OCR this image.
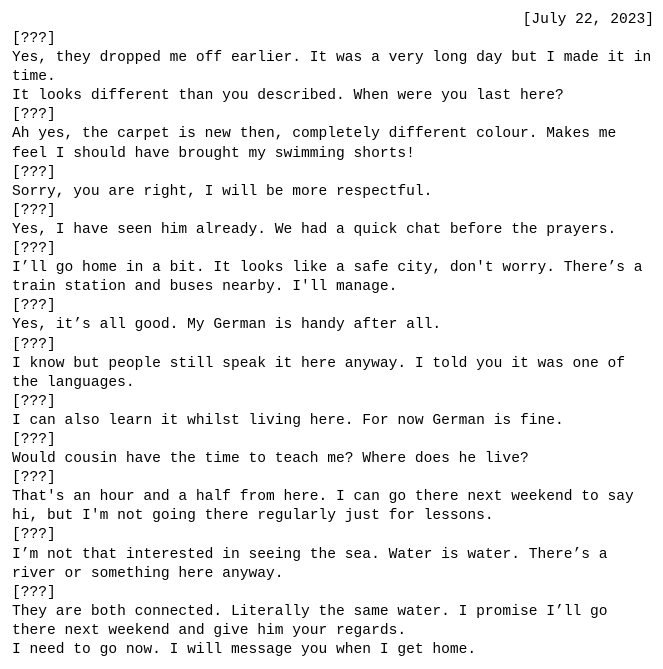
[July 22, 2023]
[???]
Yes, they dropped me off earlier. It was a very long day but I made it in
time.
It looks different than you described. When were you last here?
[???]
Ah yes, the carpet is new then, completely different colour. Makes me
feel I should have brought my swimming shorts!
[???]
Sorry, you are right, I will be more respectful.
[???]
Yes, I have seen him already. We had a quick chat before the prayers.
[???]
I’ll go home in a bit. It looks like a safe city, don't worry. There’s a
train station and buses nearby. I'll manage.
[???]
Yes, it’s all good. My German is handy after all.
[???]
I know but people still speak it here anyway. I told you it was one of
the languages.
[???]
I can also learn it whilst living here. For now German is fine.
[???]
Would cousin have the time to teach me? Where does he live?
[???]
That's an hour and a half from here. I can go there next weekend to say
hi, but I'm not going there regularly just for lessons.
[???]
I’m not that interested in seeing the sea. Water is water. There’s a
river or something here anyway.
[???]
They are both connected. Literally the same water. I promise I’ll go
there next weekend and give him your regards.
I need to go now. I will message you when I get home.
